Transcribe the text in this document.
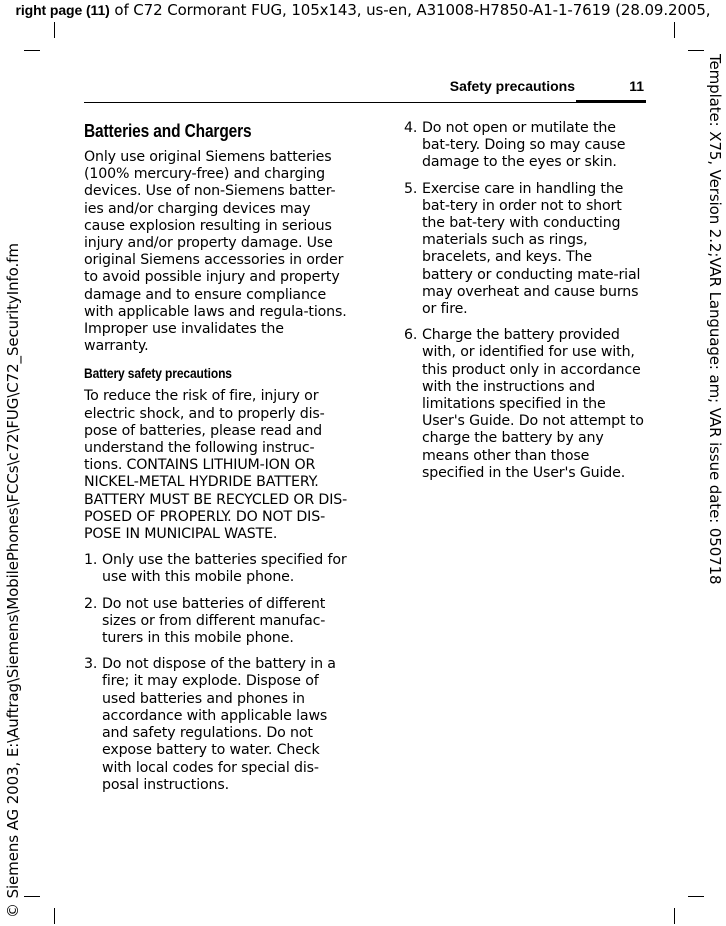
right page (11) of C72 Cormorant FUG, 105x143, us-en, A31008-H7850-A1-1-7619 (28.09.2005,
© Siemens AG 2003, E:\Auftrag\Siemens\MobilePhones\FCCs\c72\FUG\C72_SecurityInfo.fm	Template: X75, Version 2.2;VAR Language: am; VAR issue date: 050718
Safety precautions	11
Batteries and Chargers

Only use original Siemens batteries (100% mercury-free) and charging devices. Use of non-Siemens batter-ies and/or charging devices may cause explosion resulting in serious injury and/or property damage. Use original Siemens accessories in order to avoid possible injury and property damage and to ensure compliance with applicable laws and regula-tions. Improper use invalidates the warranty.

Battery safety precautions

To reduce the risk of fire, injury or electric shock, and to properly dis-pose of batteries, please read and understand the following instruc-tions. CONTAINS LITHIUM-ION OR NICKEL-METAL HYDRIDE BATTERY. BATTERY MUST BE RECYCLED OR DIS-POSED OF PROPERLY. DO NOT DIS-POSE IN MUNICIPAL WASTE.

1. Only use the batteries specified for use with this mobile phone.
2. Do not use batteries of different sizes or from different manufac-turers in this mobile phone.
3. Do not dispose of the battery in a fire; it may explode. Dispose of used batteries and phones in accordance with applicable laws and safety regulations. Do not expose battery to water. Check with local codes for special dis-posal instructions.
4. Do not open or mutilate the bat-tery. Doing so may cause damage to the eyes or skin.
5. Exercise care in handling the bat-tery in order not to short the bat-tery with conducting materials such as rings, bracelets, and keys. The battery or conducting mate-rial may overheat and cause burns or fire.
6. Charge the battery provided with, or identified for use with, this product only in accordance with the instructions and limitations specified in the User's Guide. Do not attempt to charge the battery by any means other than those specified in the User's Guide.
